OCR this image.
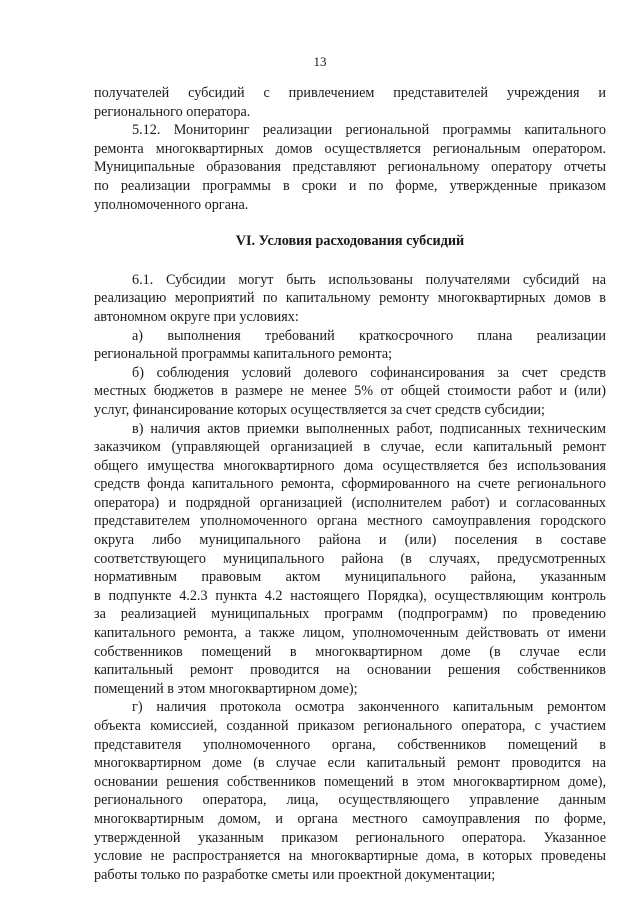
13
получателей субсидий с привлечением представителей учреждения и
регионального оператора.
5.12. Мониторинг реализации региональной программы капитального
ремонта многоквартирных домов осуществляется региональным оператором.
Муниципальные образования представляют региональному оператору отчеты
по реализации программы в сроки и по форме, утвержденные приказом
уполномоченного органа.
VI. Условия расходования субсидий
6.1. Субсидии могут быть использованы получателями субсидий на
реализацию мероприятий по капитальному ремонту многоквартирных домов в
автономном округе при условиях:
а) выполнения требований краткосрочного плана реализации
региональной программы капитального ремонта;
б) соблюдения условий долевого софинансирования за счет средств
местных бюджетов в размере не менее 5% от общей стоимости работ и (или)
услуг, финансирование которых осуществляется за счет средств субсидии;
в) наличия актов приемки выполненных работ, подписанных техническим
заказчиком (управляющей организацией в случае, если капитальный ремонт
общего имущества многоквартирного дома осуществляется без использования
средств фонда капитального ремонта, сформированного на счете регионального
оператора) и подрядной организацией (исполнителем работ) и согласованных
представителем уполномоченного органа местного самоуправления городского
округа либо муниципального района и (или) поселения в составе
соответствующего муниципального района (в случаях, предусмотренных
нормативным правовым актом муниципального района, указанным
в подпункте 4.2.3 пункта 4.2 настоящего Порядка), осуществляющим контроль
за реализацией муниципальных программ (подпрограмм) по проведению
капитального ремонта, а также лицом, уполномоченным действовать от имени
собственников помещений в многоквартирном доме (в случае если
капитальный ремонт проводится на основании решения собственников
помещений в этом многоквартирном доме);
г) наличия протокола осмотра законченного капитальным ремонтом
объекта комиссией, созданной приказом регионального оператора, с участием
представителя уполномоченного органа, собственников помещений в
многоквартирном доме (в случае если капитальный ремонт проводится на
основании решения собственников помещений в этом многоквартирном доме),
регионального оператора, лица, осуществляющего управление данным
многоквартирным домом, и органа местного самоуправления по форме,
утвержденной указанным приказом регионального оператора. Указанное
условие не распространяется на многоквартирные дома, в которых проведены
работы только по разработке сметы или проектной документации;
